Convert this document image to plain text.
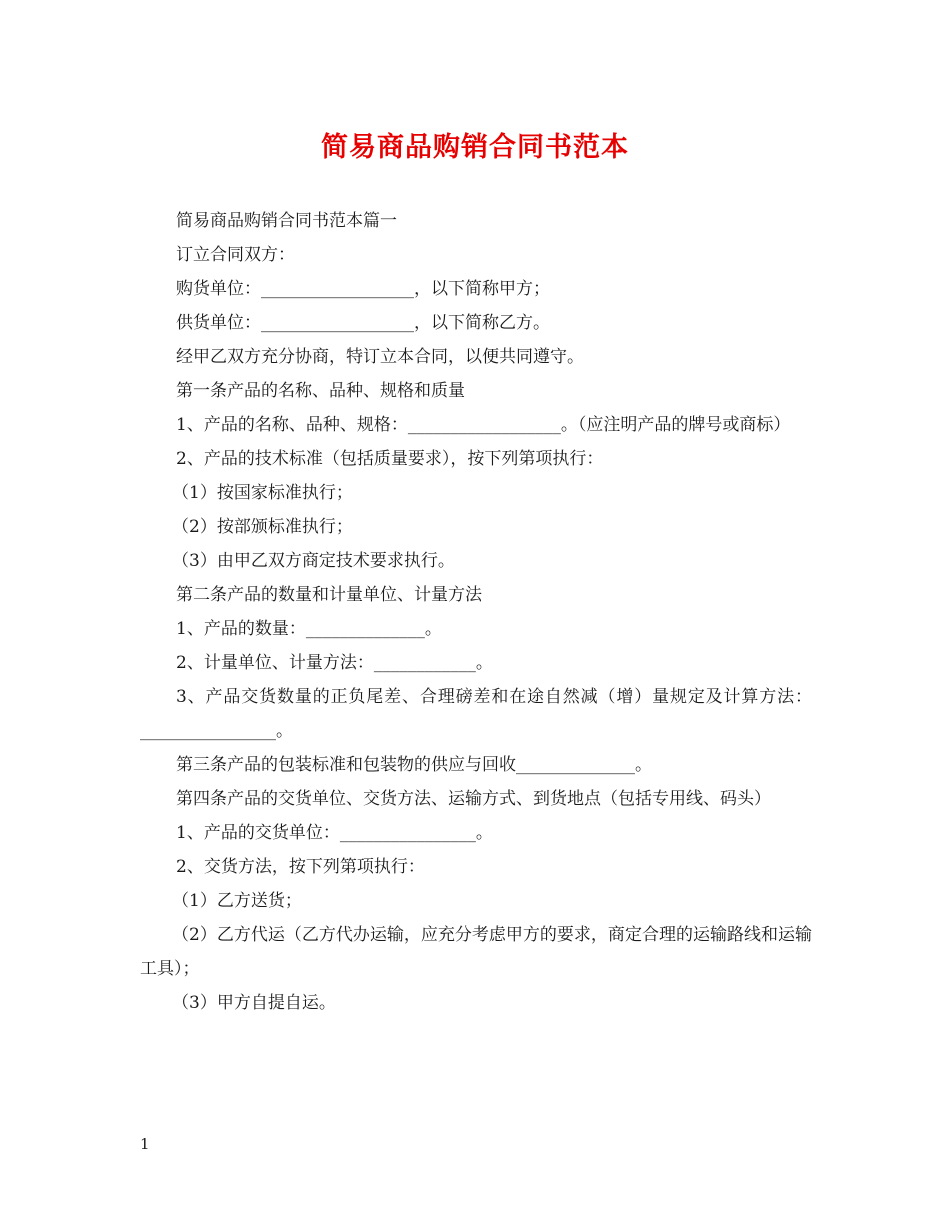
简易商品购销合同书范本

简易商品购销合同书范本篇一

订立合同双方：

购货单位：__________________，以下简称甲方；

供货单位：__________________，以下简称乙方。

经甲乙双方充分协商，特订立本合同，以便共同遵守。

第一条产品的名称、品种、规格和质量

1、产品的名称、品种、规格：__________________。（应注明产品的牌号或商标）

2、产品的技术标准（包括质量要求），按下列第项执行：

（1）按国家标准执行；

（2）按部颁标准执行；

（3）由甲乙双方商定技术要求执行。

第二条产品的数量和计量单位、计量方法

1、产品的数量：______________。

2、计量单位、计量方法：____________。

3、产品交货数量的正负尾差、合理磅差和在途自然减（增）量规定及计算方法：________________。

第三条产品的包装标准和包装物的供应与回收______________。

第四条产品的交货单位、交货方法、运输方式、到货地点（包括专用线、码头）

1、产品的交货单位：________________。

2、交货方法，按下列第项执行：

（1）乙方送货；

（2）乙方代运（乙方代办运输，应充分考虑甲方的要求，商定合理的运输路线和运输工具）；

（3）甲方自提自运。

1
